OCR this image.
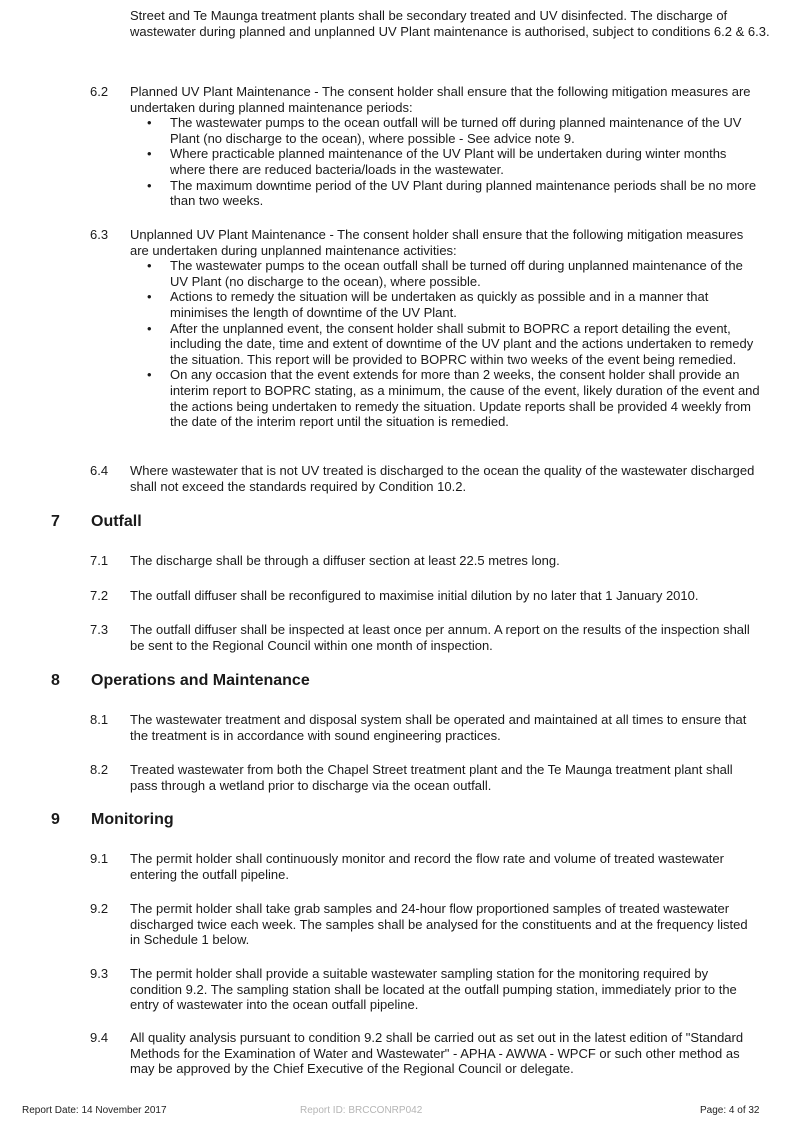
Street and Te Maunga treatment plants shall be secondary treated and UV disinfected. The discharge of wastewater during planned and unplanned UV Plant maintenance is authorised, subject to conditions 6.2 & 6.3.

6.2 Planned UV Plant Maintenance - The consent holder shall ensure that the following mitigation measures are undertaken during planned maintenance periods:

• The wastewater pumps to the ocean outfall will be turned off during planned maintenance of the UV Plant (no discharge to the ocean), where possible - See advice note 9.
• Where practicable planned maintenance of the UV Plant will be undertaken during winter months where there are reduced bacteria/loads in the wastewater.
• The maximum downtime period of the UV Plant during planned maintenance periods shall be no more than two weeks.
6.3 Unplanned UV Plant Maintenance - The consent holder shall ensure that the following mitigation measures are undertaken during unplanned maintenance activities:

• The wastewater pumps to the ocean outfall shall be turned off during unplanned maintenance of the UV Plant (no discharge to the ocean), where possible.
• Actions to remedy the situation will be undertaken as quickly as possible and in a manner that minimises the length of downtime of the UV Plant.
• After the unplanned event, the consent holder shall submit to BOPRC a report detailing the event, including the date, time and extent of downtime of the UV plant and the actions undertaken to remedy the situation. This report will be provided to BOPRC within two weeks of the event being remedied.
• On any occasion that the event extends for more than 2 weeks, the consent holder shall provide an interim report to BOPRC stating, as a minimum, the cause of the event, likely duration of the event and the actions being undertaken to remedy the situation. Update reports shall be provided 4 weekly from the date of the interim report until the situation is remedied.
6.4 Where wastewater that is not UV treated is discharged to the ocean the quality of the wastewater discharged shall not exceed the standards required by Condition 10.2.

7 Outfall
7.1 The discharge shall be through a diffuser section at least 22.5 metres long.

7.2 The outfall diffuser shall be reconfigured to maximise initial dilution by no later that 1 January 2010.

7.3 The outfall diffuser shall be inspected at least once per annum. A report on the results of the inspection shall be sent to the Regional Council within one month of inspection.

8 Operations and Maintenance
8.1 The wastewater treatment and disposal system shall be operated and maintained at all times to ensure that the treatment is in accordance with sound engineering practices.

8.2 Treated wastewater from both the Chapel Street treatment plant and the Te Maunga treatment plant shall pass through a wetland prior to discharge via the ocean outfall.

9 Monitoring
9.1 The permit holder shall continuously monitor and record the flow rate and volume of treated wastewater entering the outfall pipeline.

9.2 The permit holder shall take grab samples and 24-hour flow proportioned samples of treated wastewater discharged twice each week. The samples shall be analysed for the constituents and at the frequency listed in Schedule 1 below.

9.3 The permit holder shall provide a suitable wastewater sampling station for the monitoring required by condition 9.2. The sampling station shall be located at the outfall pumping station, immediately prior to the entry of wastewater into the ocean outfall pipeline.

9.4 All quality analysis pursuant to condition 9.2 shall be carried out as set out in the latest edition of "Standard Methods for the Examination of Water and Wastewater" - APHA - AWWA - WPCF or such other method as may be approved by the Chief Executive of the Regional Council or delegate.

Report Date: 14 November 2017	Report ID: BRCCONRP042	Page: 4 of 32
